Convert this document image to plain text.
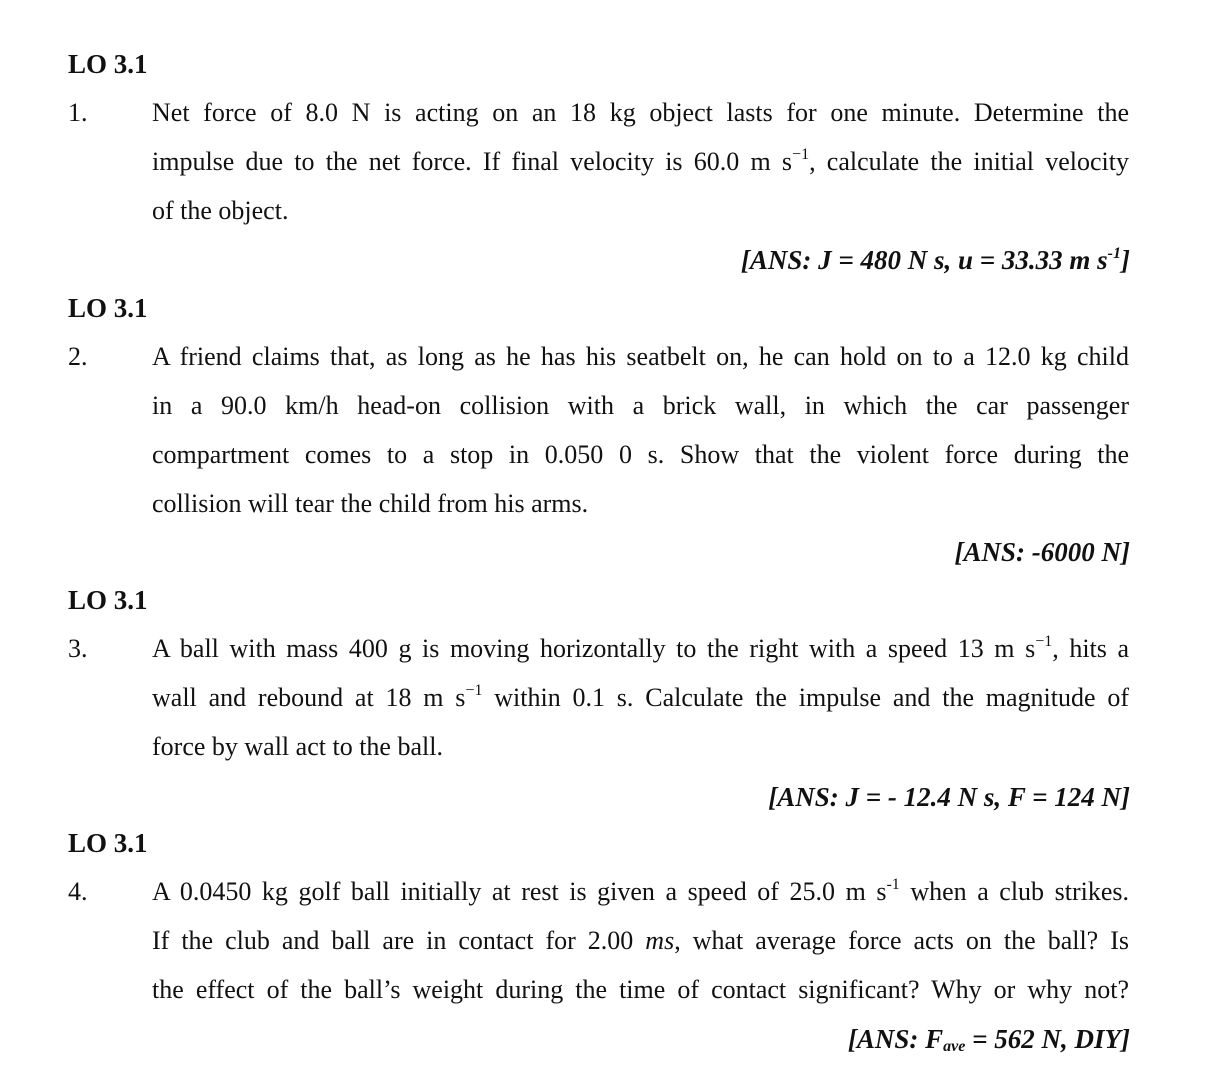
LO 3.1
1. Net force of 8.0 N is acting on an 18 kg object lasts for one minute. Determine the
impulse due to the net force. If final velocity is 60.0 m $s^{-1}$, calculate the initial velocity
of the object.
[ANS: J = 480 N s, u = 33.33 m $s^{-1}$]
LO 3.1
2. A friend claims that, as long as he has his seatbelt on, he can hold on to a 12.0 kg child
in a 90.0 km/h head-on collision with a brick wall, in which the car passenger
compartment comes to a stop in 0.050 0 s. Show that the violent force during the
collision will tear the child from his arms.
[ANS: -6000 N]
LO 3.1
3. A ball with mass 400 g is moving horizontally to the right with a speed 13 m $s^{-1}$, hits a
wall and rebound at 18 m $s^{-1}$ within 0.1 s. Calculate the impulse and the magnitude of
force by wall act to the ball.
[ANS: J = - 12.4 N s, F = 124 N]
LO 3.1
4. A 0.0450 kg golf ball initially at rest is given a speed of 25.0 m $s^{-1}$ when a club strikes.
If the club and ball are in contact for 2.00 ms, what average force acts on the ball? Is
the effect of the ball’s weight during the time of contact significant? Why or why not?
[ANS: $F_{ave} = 562$ N, DIY]
